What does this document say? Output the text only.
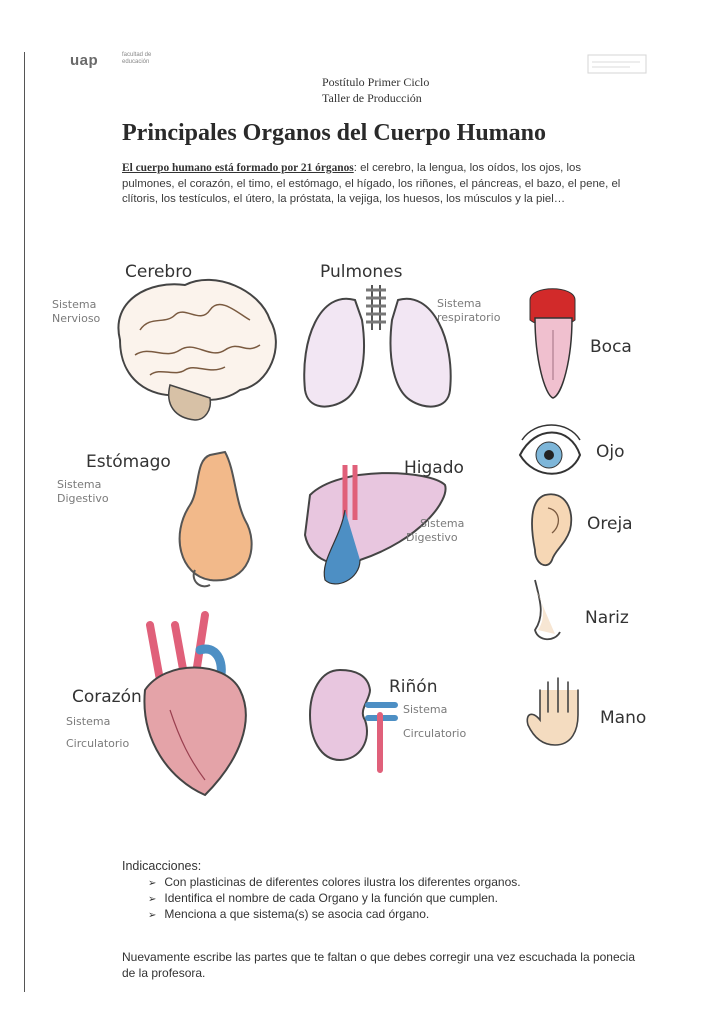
uap	facultad de educación
Postítulo Primer Ciclo
Taller de Producción
Principales Organos del Cuerpo Humano
El cuerpo humano está formado por 21 órganos: el cerebro, la lengua, los oídos, los ojos, los pulmones, el corazón, el timo, el estómago, el hígado, los riñones, el páncreas, el bazo, el pene, el clítoris, los testículos, el útero, la próstata, la vejiga, los huesos, los músculos y la piel…
Cerebro
Sistema
Nervioso
Pulmones
Sistema
respiratorio
Boca
Ojo
Estómago
Sistema
Digestivo
Higado
Sistema
Digestivo
Oreja
Nariz
Corazón
Sistema
Circulatorio
Riñón
Sistema
Circulatorio
Mano
Indicacciones:
➢ Con plasticinas de diferentes colores ilustra los diferentes organos.
➢ Identifica el nombre de cada Organo y la función que cumplen.
➢ Menciona a que sistema(s) se asocia cad órgano.
Nuevamente escribe las partes que te faltan o que debes corregir una vez escuchada la ponecia de la profesora.
